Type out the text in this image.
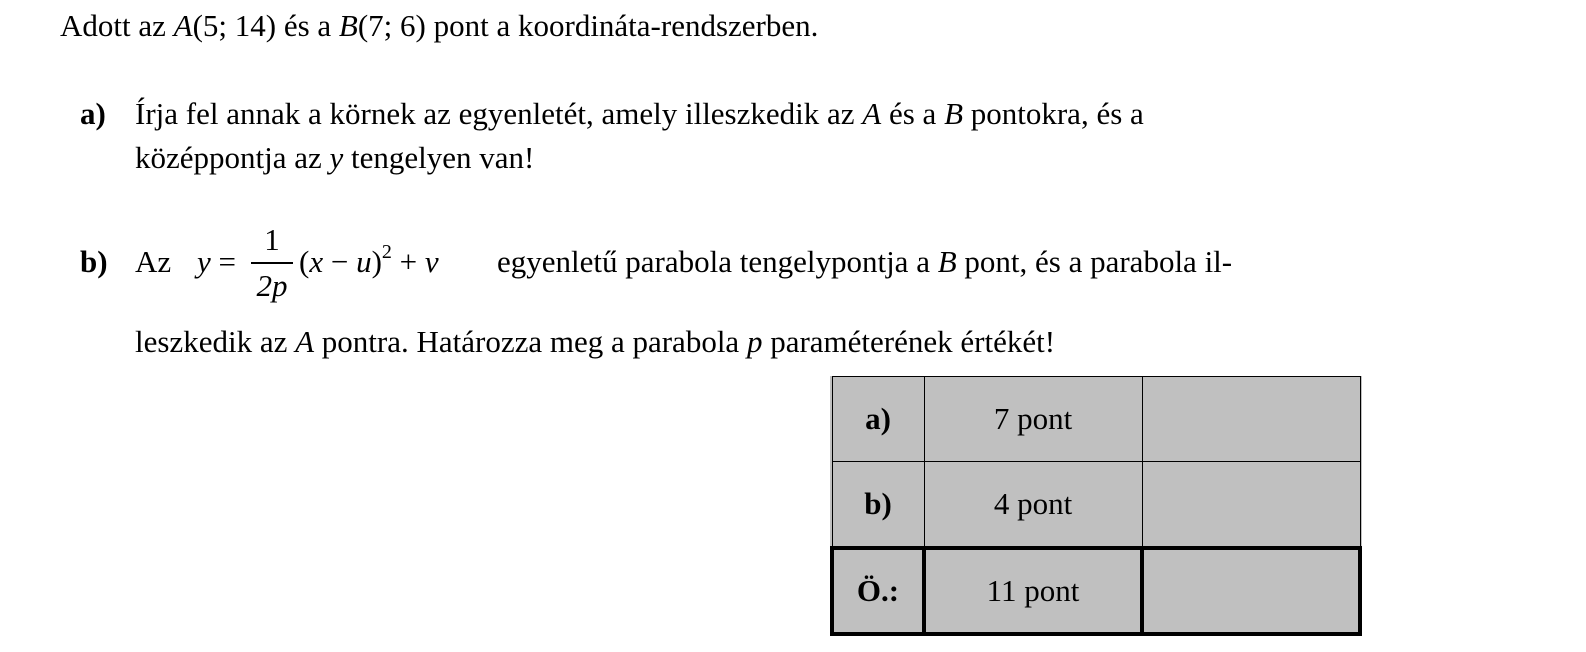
Adott az A(5; 14) és a B(7; 6) pont a koordináta-rendszerben.
a) Írja fel annak a körnek az egyenletét, amely illeszkedik az A és a B pontokra, és a
középpontja az y tengelyen van!
b) Az y =
1
2p
$(x - u)^2 + v$ egyenletű parabola tengelypontja a B pont, és a parabola il-
leszkedik az A pontra. Határozza meg a parabola p paraméterének értékét!
a)	7 pont	
b)	4 pont	
Ö.:	11 pont	
